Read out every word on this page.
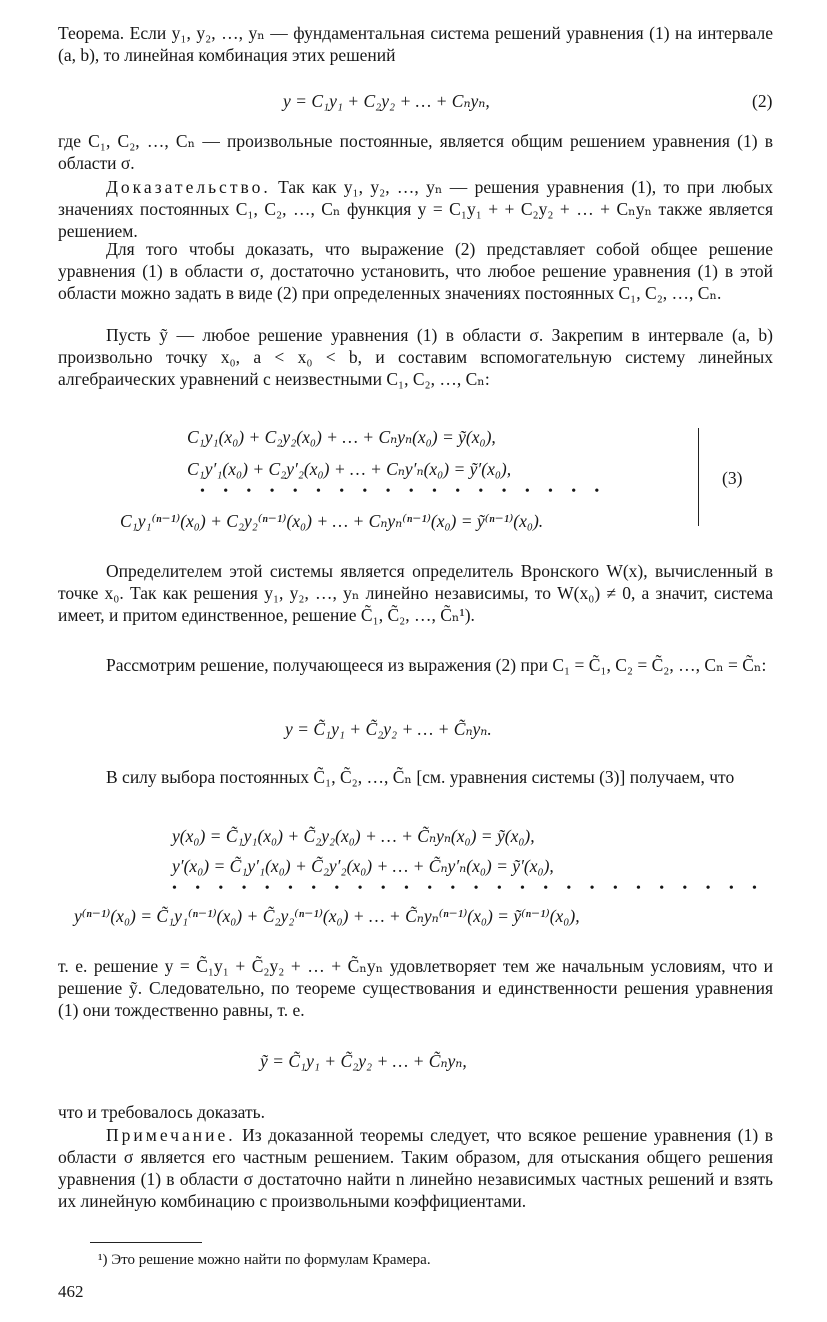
Теорема. Если y₁, y₂, …, yₙ — фундаментальная система решений уравнения (1) на интервале (a, b), то линейная комбинация этих решений
y = C₁y₁ + C₂y₂ + … + Cₙyₙ,	(2)
где C₁, C₂, …, Cₙ — произвольные постоянные, является общим решением уравнения (1) в области σ.
Доказательство. Так как y₁, y₂, …, yₙ — решения уравнения (1), то при любых значениях постоянных C₁, C₂, …, Cₙ функция y = C₁y₁ + + C₂y₂ + … + Cₙyₙ также является решением.
Для того чтобы доказать, что выражение (2) представляет собой общее решение уравнения (1) в области σ, достаточно установить, что любое решение уравнения (1) в этой области можно задать в виде (2) при определенных значениях постоянных C₁, C₂, …, Cₙ.
Пусть ỹ — любое решение уравнения (1) в области σ. Закрепим в интервале (a, b) произвольно точку x₀, a < x₀ < b, и составим вспомогательную систему линейных алгебраических уравнений с неизвестными C₁, C₂, …, Cₙ:
C₁y₁(x₀) + C₂y₂(x₀) + … + Cₙyₙ(x₀) = ỹ(x₀),
C₁y′₁(x₀) + C₂y′₂(x₀) + … + Cₙy′ₙ(x₀) = ỹ′(x₀),
• • • • • • • • • • • • • • • • • •
C₁y₁⁽ⁿ⁻¹⁾(x₀) + C₂y₂⁽ⁿ⁻¹⁾(x₀) + … + Cₙyₙ⁽ⁿ⁻¹⁾(x₀) = ỹ⁽ⁿ⁻¹⁾(x₀).
(3)
Определителем этой системы является определитель Вронского W(x), вычисленный в точке x₀. Так как решения y₁, y₂, …, yₙ линейно независимы, то W(x₀) ≠ 0, а значит, система имеет, и притом единственное, решение C̃₁, C̃₂, …, C̃ₙ¹).
Рассмотрим решение, получающееся из выражения (2) при C₁ = C̃₁, C₂ = C̃₂, …, Cₙ = C̃ₙ:
y = C̃₁y₁ + C̃₂y₂ + … + C̃ₙyₙ.
В силу выбора постоянных C̃₁, C̃₂, …, C̃ₙ [см. уравнения системы (3)] получаем, что
y(x₀) = C̃₁y₁(x₀) + C̃₂y₂(x₀) + … + C̃ₙyₙ(x₀) = ỹ(x₀),
y′(x₀) = C̃₁y′₁(x₀) + C̃₂y′₂(x₀) + … + C̃ₙy′ₙ(x₀) = ỹ′(x₀),
• • • • • • • • • • • • • • • • • • • • • • • • • •
y⁽ⁿ⁻¹⁾(x₀) = C̃₁y₁⁽ⁿ⁻¹⁾(x₀) + C̃₂y₂⁽ⁿ⁻¹⁾(x₀) + … + C̃ₙyₙ⁽ⁿ⁻¹⁾(x₀) = ỹ⁽ⁿ⁻¹⁾(x₀),
т. е. решение y = C̃₁y₁ + C̃₂y₂ + … + C̃ₙyₙ удовлетворяет тем же начальным условиям, что и решение ỹ. Следовательно, по теореме существования и единственности решения уравнения (1) они тождественно равны, т. е.
ỹ = C̃₁y₁ + C̃₂y₂ + … + C̃ₙyₙ,
что и требовалось доказать.
Примечание. Из доказанной теоремы следует, что всякое решение уравнения (1) в области σ является его частным решением. Таким образом, для отыскания общего решения уравнения (1) в области σ достаточно найти n линейно независимых частных решений и взять их линейную комбинацию с произвольными коэффициентами.
¹) Это решение можно найти по формулам Крамера.
462
